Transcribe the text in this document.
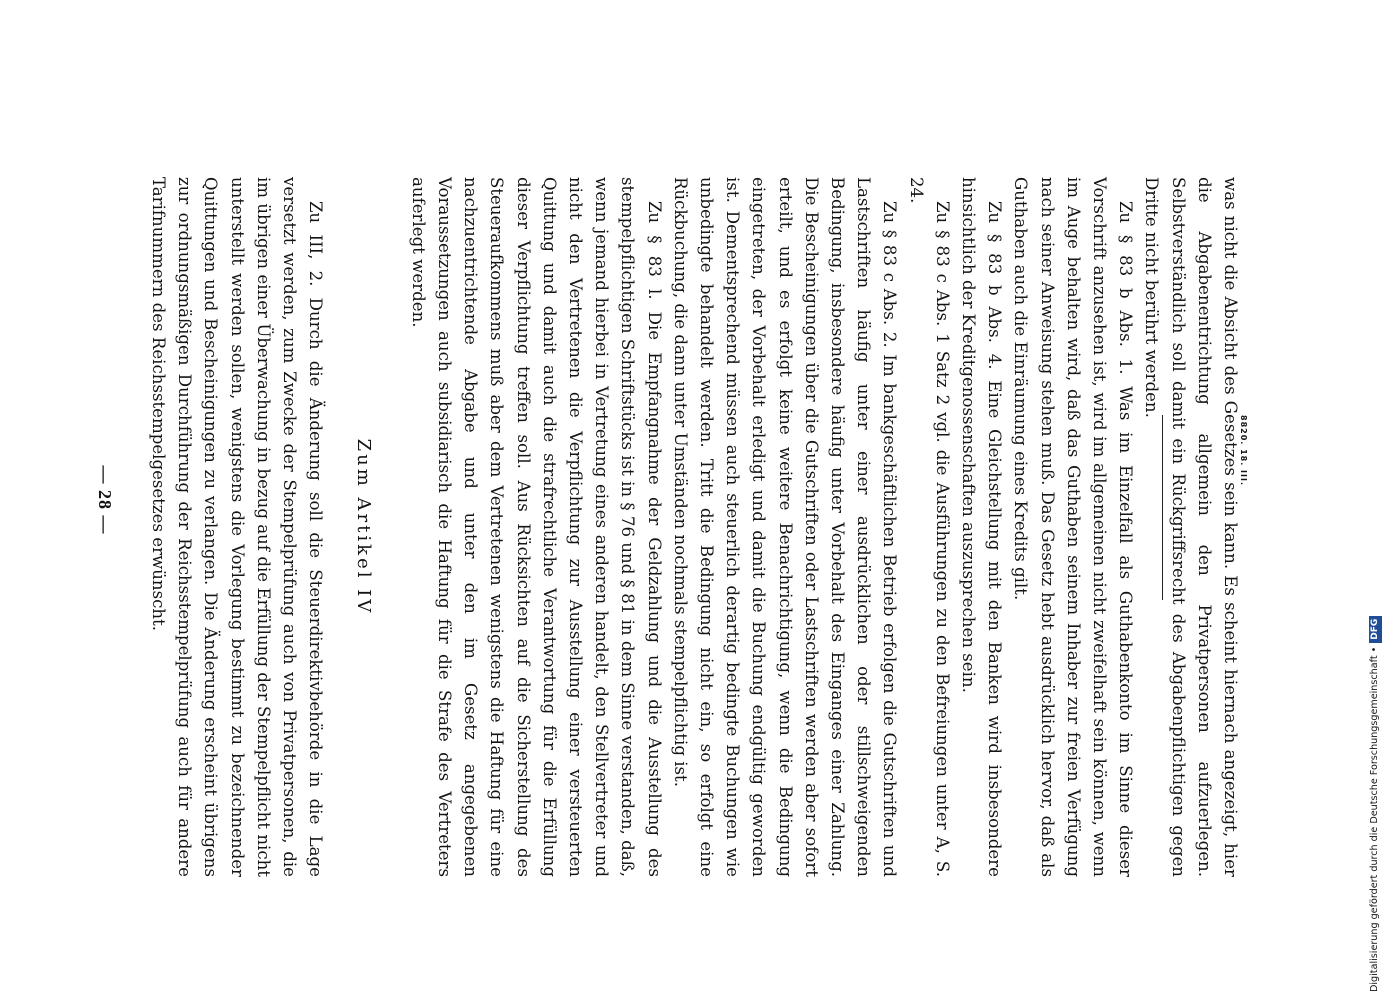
— 28 —	was nicht die Absicht des Gesetzes sein kann. Es scheint hiernach angezeigt, hier die Abgabenentrichtung allgemein den Privatpersonen aufzuerlegen. Selbstverständlich soll damit ein Rückgriffsrecht des Abgabenpflichtigen gegen Dritte nicht berührt werden.

Zu § 83 b Abs. 1. Was im Einzelfall als Guthabenkonto im Sinne dieser Vorschrift anzusehen ist, wird im allgemeinen nicht zweifelhaft sein können, wenn im Auge behalten wird, daß das Guthaben seinem Inhaber zur freien Verfügung nach seiner Anweisung stehen muß. Das Gesetz hebt ausdrücklich hervor, daß als Guthaben auch die Einräumung eines Kredits gilt.

Zu § 83 b Abs. 4. Eine Gleichstellung mit den Banken wird insbesondere hinsichtlich der Kreditgenossenschaften auszusprechen sein.

Zu § 83 c Abs. 1 Satz 2 vgl. die Ausführungen zu den Befreiungen unter A, S. 24.

Zu § 83 c Abs. 2. Im bankgeschäftlichen Betrieb erfolgen die Gutschriften und Lastschriften häufig unter einer ausdrücklichen oder stillschweigenden Bedingung, insbesondere häufig unter Vorbehalt des Einganges einer Zahlung. Die Bescheinigungen über die Gutschriften oder Lastschriften werden aber sofort erteilt, und es erfolgt keine weitere Benachrichtigung, wenn die Bedingung eingetreten, der Vorbehalt erledigt und damit die Buchung endgültig geworden ist. Dementsprechend müssen auch steuerlich derartig bedingte Buchungen wie unbedingte behandelt werden. Tritt die Bedingung nicht ein, so erfolgt eine Rückbuchung, die dann unter Umständen nochmals stempelpflichtig ist.

Zu § 83 l. Die Empfangnahme der Geldzahlung und die Ausstellung des stempelpflichtigen Schriftstücks ist in § 76 und § 81 in dem Sinne verstanden, daß, wenn jemand hierbei in Vertretung eines anderen handelt, den Stellvertreter und nicht den Vertretenen die Verpflichtung zur Ausstellung einer versteuerten Quittung und damit auch die strafrechtliche Verantwortung für die Erfüllung dieser Verpflichtung treffen soll. Aus Rücksichten auf die Sicherstellung des Steueraufkommens muß aber dem Vertretenen wenigstens die Haftung für eine nachzuentrichtende Abgabe und unter den im Gesetz angegebenen Voraussetzungen auch subsidiarisch die Haftung für die Strafe des Vertreters auferlegt werden.

Zum Artikel IV

Zu III, 2. Durch die Änderung soll die Steuerdirektivbehörde in die Lage versetzt werden, zum Zwecke der Stempelprüfung auch von Privatpersonen, die im übrigen einer Überwachung in bezug auf die Erfüllung der Stempelpflicht nicht unterstellt werden sollen, wenigstens die Vorlegung bestimmt zu bezeichnender Quittungen und Bescheinigungen zu verlangen. Die Änderung erscheint übrigens zur ordnungsmäßigen Durchführung der Reichsstempelprüfung auch für andere Tarifnummern des Reichsstempelgesetzes erwünscht.	8820. 18. III.
Digitalisierung gefördert durch die Deutsche Forschungsgemeinschaft •DFG
